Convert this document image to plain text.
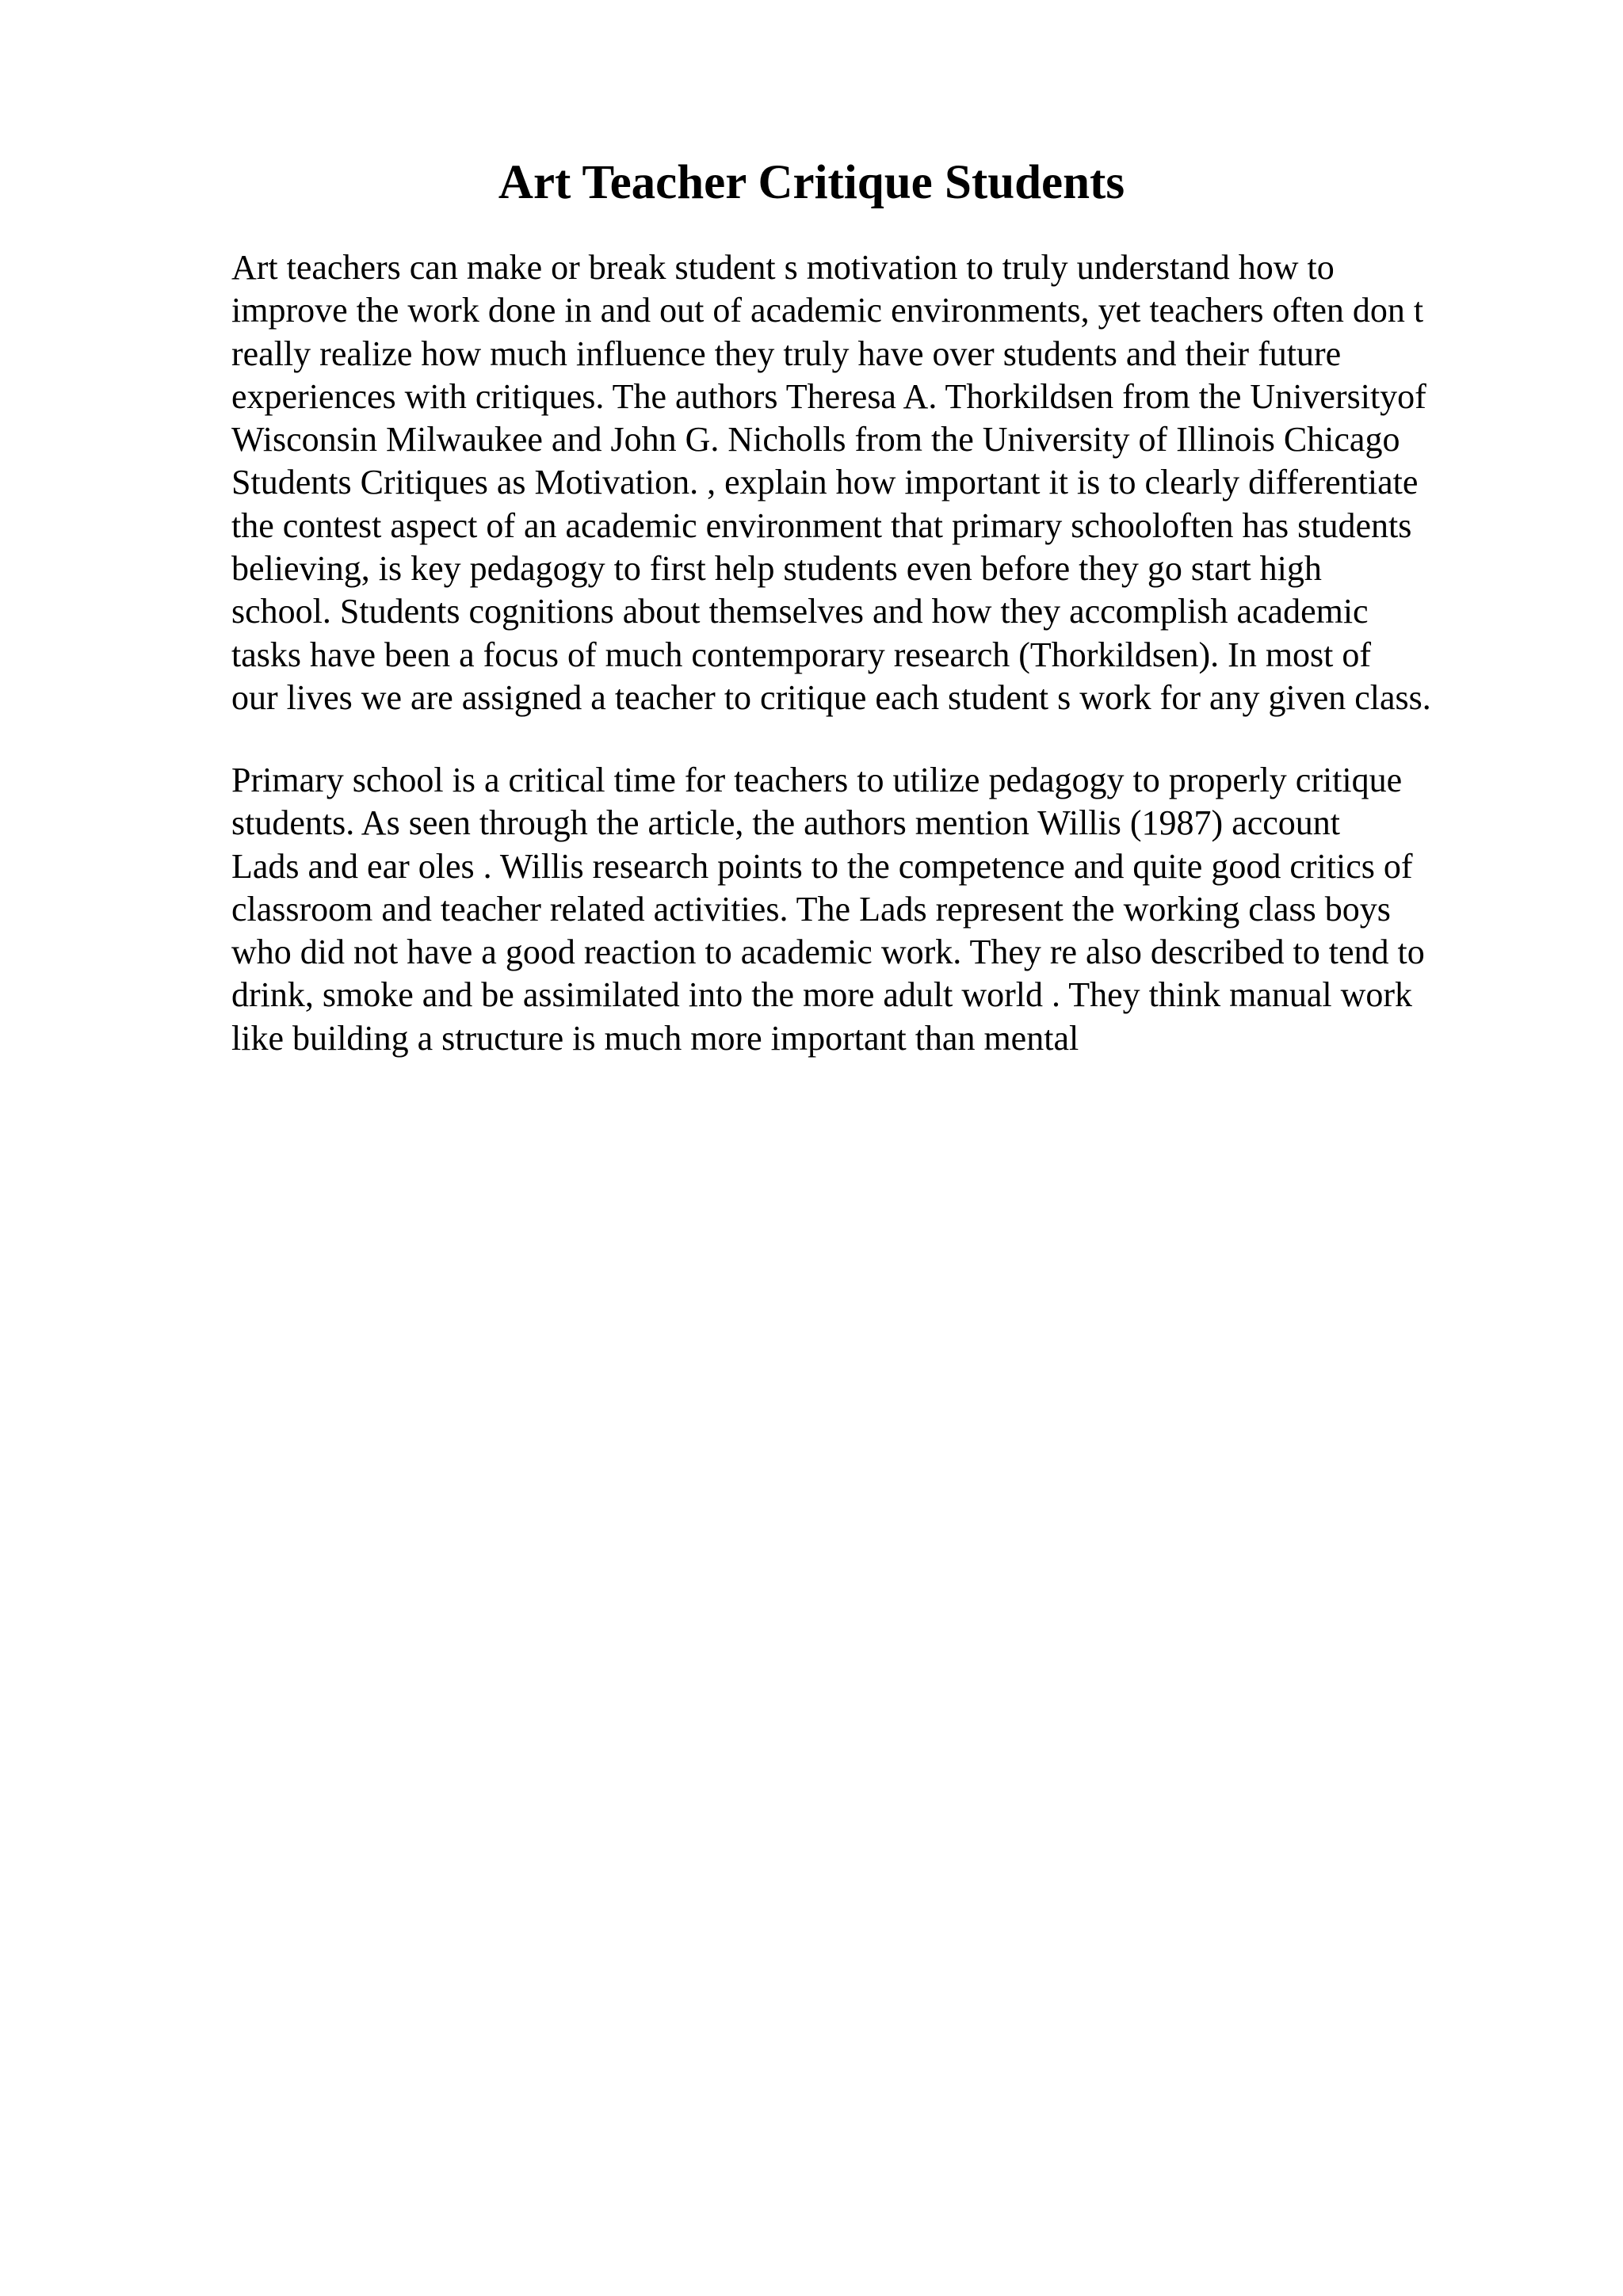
Art Teacher Critique Students
Art teachers can make or break student s motivation to truly understand how to
improve the work done in and out of academic environments, yet teachers often don t
really realize how much influence they truly have over students and their future
experiences with critiques. The authors Theresa A. Thorkildsen from the Universityof
Wisconsin Milwaukee and John G. Nicholls from the University of Illinois Chicago
Students Critiques as Motivation. , explain how important it is to clearly differentiate
the contest aspect of an academic environment that primary schooloften has students
believing, is key pedagogy to first help students even before they go start high
school. Students cognitions about themselves and how they accomplish academic
tasks have been a focus of much contemporary research (Thorkildsen). In most of
our lives we are assigned a teacher to critique each student s work for any given class.
Primary school is a critical time for teachers to utilize pedagogy to properly critique
students. As seen through the article, the authors mention Willis (1987) account
Lads and ear oles . Willis research points to the competence and quite good critics of
classroom and teacher related activities. The Lads represent the working class boys
who did not have a good reaction to academic work. They re also described to tend to
drink, smoke and be assimilated into the more adult world . They think manual work
like building a structure is much more important than mental
